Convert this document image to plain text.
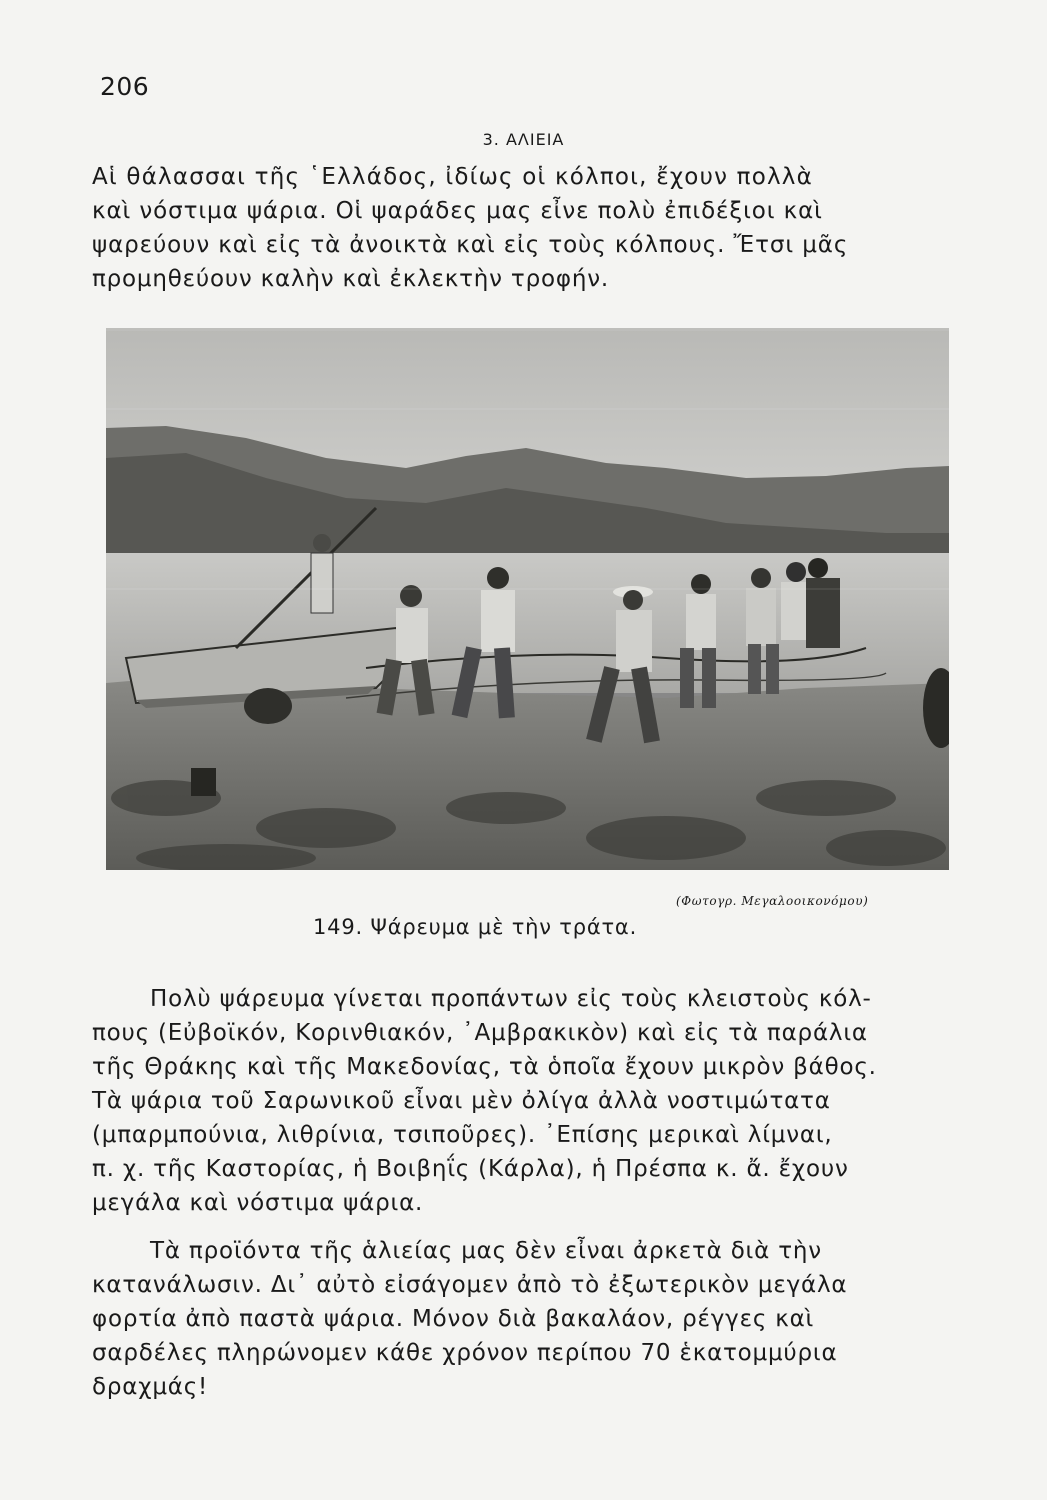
206
3. ΑΛΙΕΙΑ

Αἱ θάλασσαι τῆς ῾Ελλάδος, ἰδίως οἱ κόλποι, ἔχουν πολλὰ
καὶ νόστιμα ψάρια. Οἱ ψαράδες μας εἶνε πολὺ ἐπιδέξιοι καὶ
ψαρεύουν καὶ εἰς τὰ ἀνοικτὰ καὶ εἰς τοὺς κόλπους. Ἔτσι μᾶς
προμηθεύουν καλὴν καὶ ἐκλεκτὴν τροφήν.

(Φωτογρ. Μεγαλοοικονόμου)
149. Ψάρευμα μὲ τὴν τράτα.

Πολὺ ψάρευμα γίνεται προπάντων εἰς τοὺς κλειστοὺς κόλ-
πους (Εὐβοϊκόν, Κορινθιακόν, ᾿Αμβρακικὸν) καὶ εἰς τὰ παράλια
τῆς Θράκης καὶ τῆς Μακεδονίας, τὰ ὁποῖα ἔχουν μικρὸν βάθος.
Τὰ ψάρια τοῦ Σαρωνικοῦ εἶναι μὲν ὀλίγα ἀλλὰ νοστιμώτατα
(μπαρμπούνια, λιθρίνια, τσιποῦρες). ᾿Επίσης μερικαὶ λίμναι,
π. χ. τῆς Καστορίας, ἡ Βοιβηΐς (Κάρλα), ἡ Πρέσπα κ. ἄ. ἔχουν
μεγάλα καὶ νόστιμα ψάρια.

Τὰ προϊόντα τῆς ἁλιείας μας δὲν εἶναι ἀρκετὰ διὰ τὴν
κατανάλωσιν. Δι᾿ αὐτὸ εἰσάγομεν ἀπὸ τὸ ἐξωτερικὸν μεγάλα
φορτία ἀπὸ παστὰ ψάρια. Μόνον διὰ βακαλάον, ρέγγες καὶ
σαρδέλες πληρώνομεν κάθε χρόνον περίπου 70 ἑκατομμύρια
δραχμάς!
